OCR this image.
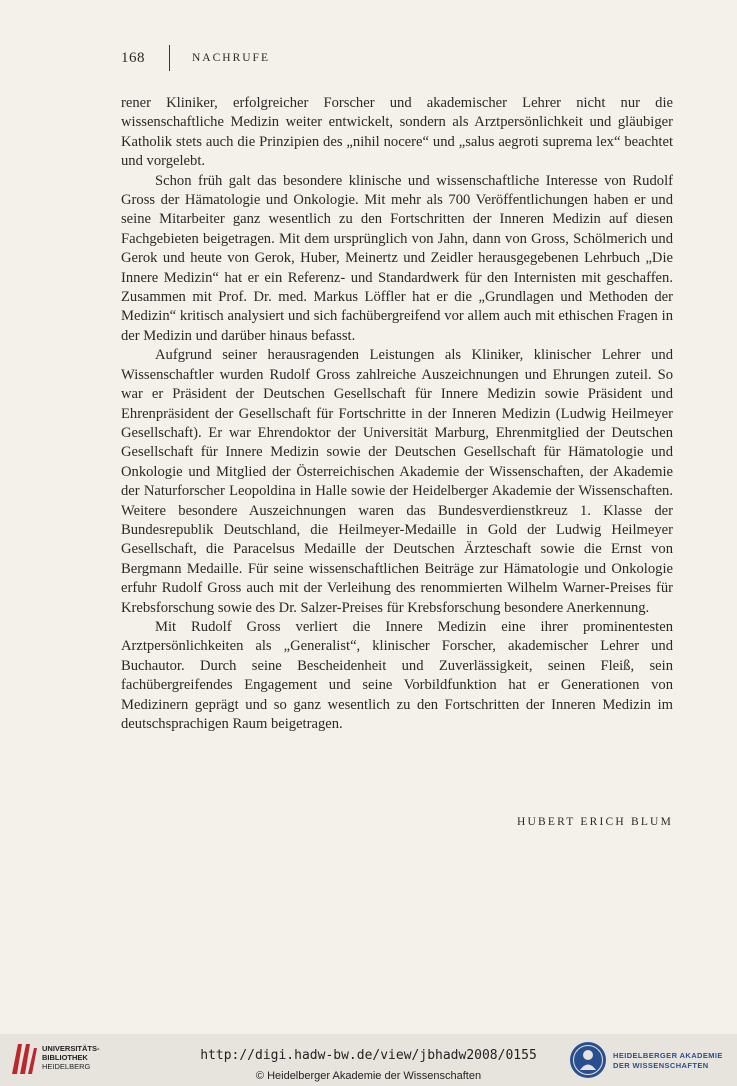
168	NACHRUFE

rener Kliniker, erfolgreicher Forscher und akademischer Lehrer nicht nur die wissenschaftliche Medizin weiter entwickelt, sondern als Arztpersönlichkeit und gläubiger Katholik stets auch die Prinzipien des „nihil nocere“ und „salus aegroti suprema lex“ beachtet und vorgelebt.

Schon früh galt das besondere klinische und wissenschaftliche Interesse von Rudolf Gross der Hämatologie und Onkologie. Mit mehr als 700 Veröffentlichungen haben er und seine Mitarbeiter ganz wesentlich zu den Fortschritten der Inneren Medizin auf diesen Fachgebieten beigetragen. Mit dem ursprünglich von Jahn, dann von Gross, Schölmerich und Gerok und heute von Gerok, Huber, Meinertz und Zeidler herausgegebenen Lehrbuch „Die Innere Medizin“ hat er ein Referenz- und Standardwerk für den Internisten mit geschaffen. Zusammen mit Prof. Dr. med. Markus Löffler hat er die „Grundlagen und Methoden der Medizin“ kritisch analysiert und sich fachübergreifend vor allem auch mit ethischen Fragen in der Medizin und darüber hinaus befasst.

Aufgrund seiner herausragenden Leistungen als Kliniker, klinischer Lehrer und Wissenschaftler wurden Rudolf Gross zahlreiche Auszeichnungen und Ehrungen zuteil. So war er Präsident der Deutschen Gesellschaft für Innere Medizin sowie Präsident und Ehrenpräsident der Gesellschaft für Fortschritte in der Inneren Medizin (Ludwig Heilmeyer Gesellschaft). Er war Ehrendoktor der Universität Marburg, Ehrenmitglied der Deutschen Gesellschaft für Innere Medizin sowie der Deutschen Gesellschaft für Hämatologie und Onkologie und Mitglied der Österreichischen Akademie der Wissenschaften, der Akademie der Naturforscher Leopoldina in Halle sowie der Heidelberger Akademie der Wissenschaften. Weitere besondere Auszeichnungen waren das Bundesverdienstkreuz 1. Klasse der Bundesrepublik Deutschland, die Heilmeyer-Medaille in Gold der Ludwig Heilmeyer Gesellschaft, die Paracelsus Medaille der Deutschen Ärzteschaft sowie die Ernst von Bergmann Medaille. Für seine wissenschaftlichen Beiträge zur Hämatologie und Onkologie erfuhr Rudolf Gross auch mit der Verleihung des renommierten Wilhelm Warner-Preises für Krebsforschung sowie des Dr. Salzer-Preises für Krebsforschung besondere Anerkennung.

Mit Rudolf Gross verliert die Innere Medizin eine ihrer prominentesten Arztpersönlichkeiten als „Generalist“, klinischer Forscher, akademischer Lehrer und Buchautor. Durch seine Bescheidenheit und Zuverlässigkeit, seinen Fleiß, sein fachübergreifendes Engagement und seine Vorbildfunktion hat er Generationen von Medizinern geprägt und so ganz wesentlich zu den Fortschritten der Inneren Medizin im deutschsprachigen Raum beigetragen.

HUBERT ERICH BLUM
UNIVERSITÄTS-
BIBLIOTHEK
HEIDELBERG
http://digi.hadw-bw.de/view/jbhadw2008/0155
© Heidelberger Akademie der Wissenschaften
HEIDELBERGER AKADEMIE
DER WISSENSCHAFTEN
